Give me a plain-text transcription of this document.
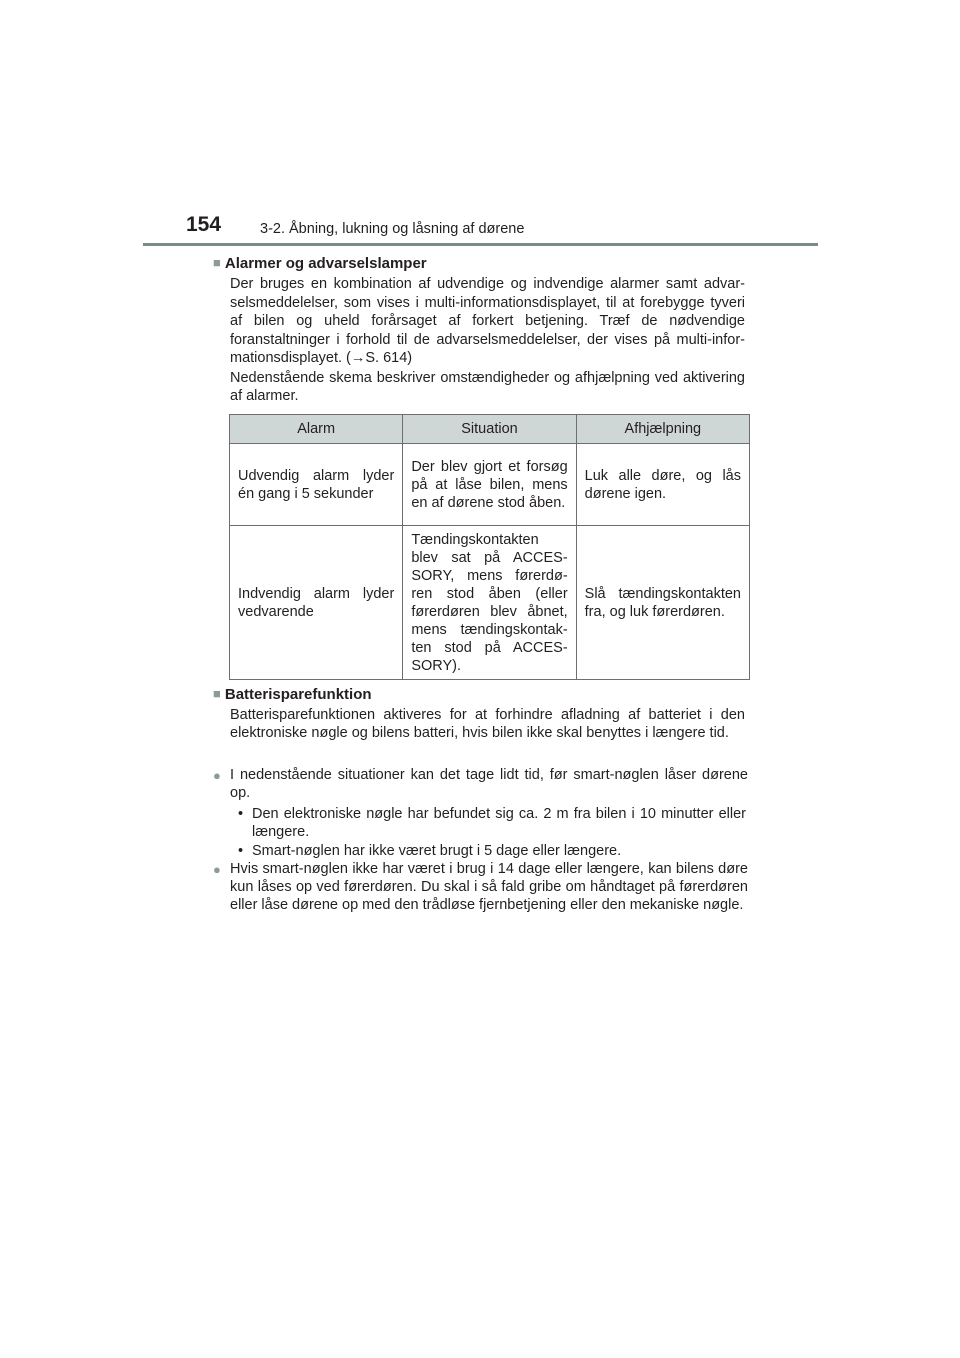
154	3-2. Åbning, lukning og låsning af dørene
■ Alarmer og advarselslamper

Der bruges en kombination af udvendige og indvendige alarmer samt advar-selsmeddelelser, som vises i multi-informationsdisplayet, til at forebygge tyveri af bilen og uheld forårsaget af forkert betjening. Træf de nødvendige foranstaltninger i forhold til de advarselsmeddelelser, der vises på multi-infor-mationsdisplayet. (→S. 614)

Nedenstående skema beskriver omstændigheder og afhjælpning ved aktivering af alarmer.

Alarm	Situation	Afhjælpning
Udvendig alarm lyder én gang i 5 sekunder	Der blev gjort et forsøg på at låse bilen, mens en af dørene stod åben.	Luk alle døre, og lås dørene igen.
Indvendig alarm lyder vedvarende	Tændingskontakten blev sat på ACCES-SORY, mens førerdø-ren stod åben (eller førerdøren blev åbnet, mens tændingskontak-ten stod på ACCES-SORY).	Slå tændingskontakten fra, og luk førerdøren.
■ Batterisparefunktion

Batterisparefunktionen aktiveres for at forhindre afladning af batteriet i den elektroniske nøgle og bilens batteri, hvis bilen ikke skal benyttes i længere tid.

● I nedenstående situationer kan det tage lidt tid, før smart-nøglen låser dørene op.
• Den elektroniske nøgle har befundet sig ca. 2 m fra bilen i 10 minutter eller længere.
• Smart-nøglen har ikke været brugt i 5 dage eller længere.
● Hvis smart-nøglen ikke har været i brug i 14 dage eller længere, kan bilens døre kun låses op ved førerdøren. Du skal i så fald gribe om håndtaget på førerdøren eller låse dørene op med den trådløse fjernbetjening eller den mekaniske nøgle.
